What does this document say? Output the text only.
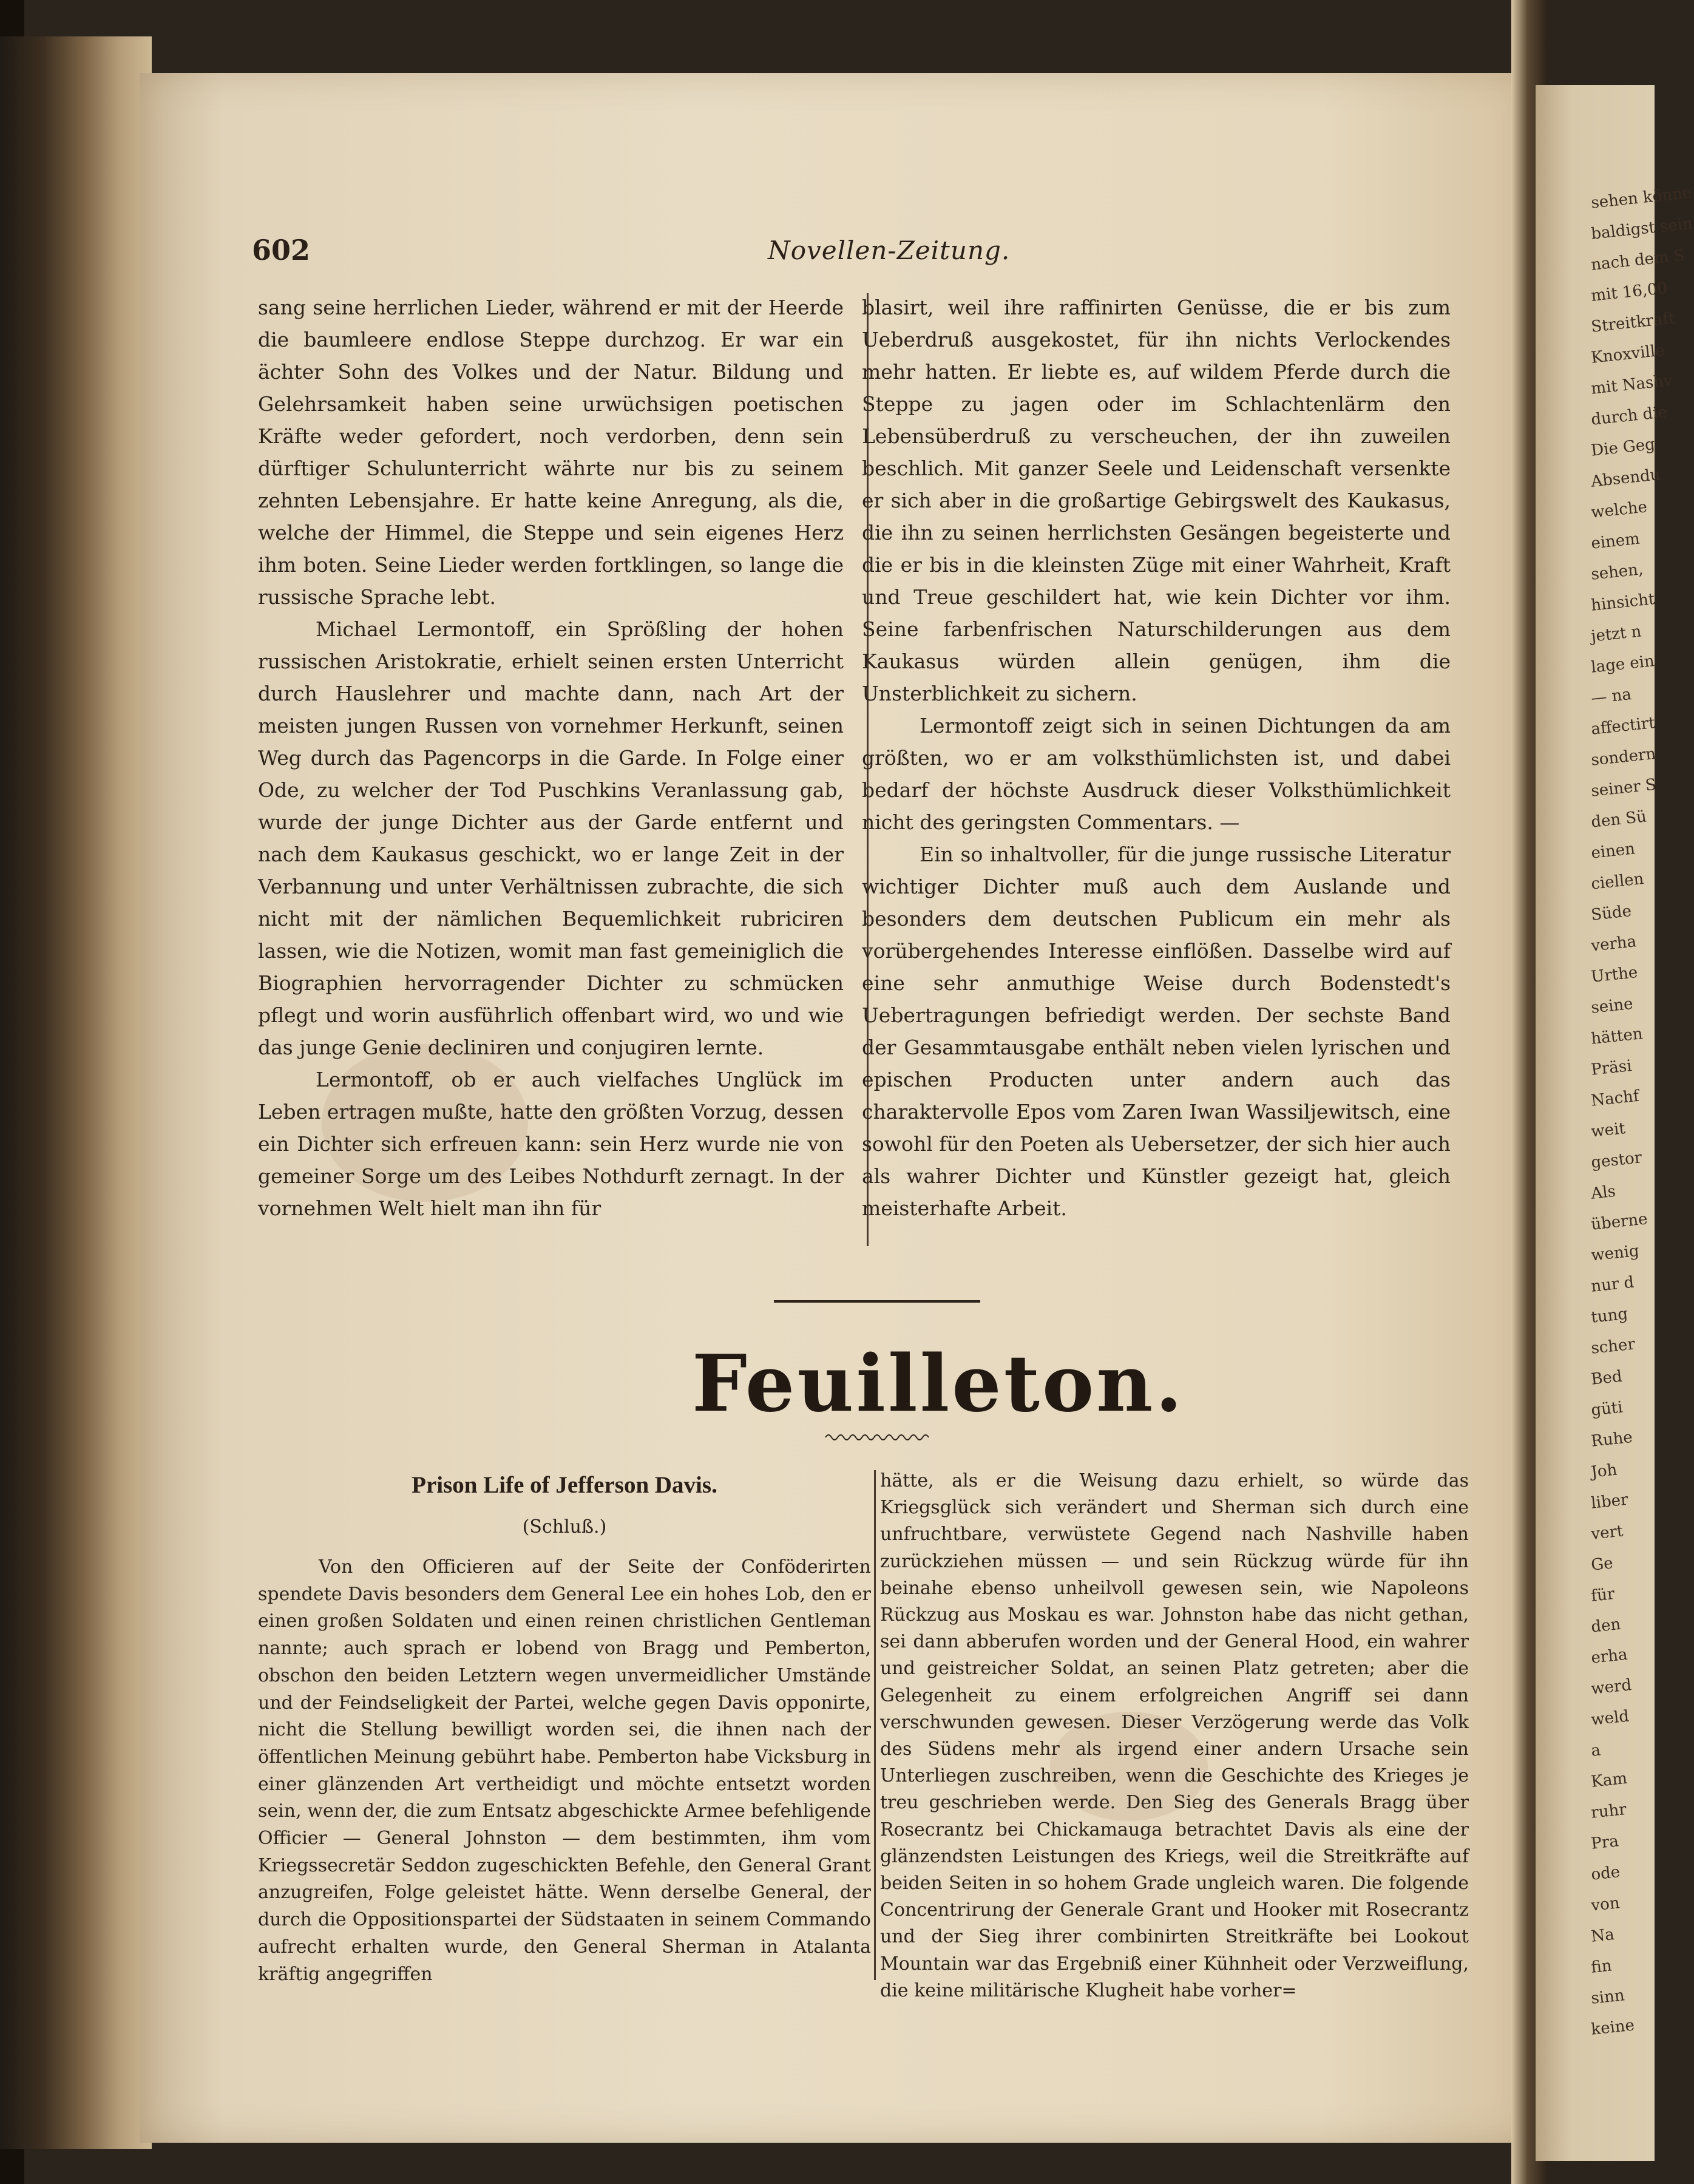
sehen könne
baldigst sein
nach dem S
mit 16,00
Streitkraft
Knoxville
mit Nashv
durch die
Die Geg
Absendu
welche
einem
sehen,
hinsicht
jetzt n
lage ein
— na
affectirt
sondern
seiner S
den Sü
einen
ciellen
Süde
verha
Urthe
seine
hätten
Präsi
Nachf
weit
gestor
Als
überne
wenig
nur d
tung
scher
Bed
güti
Ruhe
Joh
liber
vert
Ge
für
den
erha
werd
weld
a
Kam
ruhr
Pra
ode
von
Na
fin
sinn
keine
602	Novellen-Zeitung.

sang seine herrlichen Lieder, während er mit der Heerde die baumleere endlose Steppe durchzog. Er war ein ächter Sohn des Volkes und der Natur. Bildung und Gelehrsamkeit haben seine urwüchsigen poetischen Kräfte weder gefordert, noch verdorben, denn sein dürftiger Schulunterricht währte nur bis zu seinem zehnten Lebensjahre. Er hatte keine Anregung, als die, welche der Himmel, die Steppe und sein eigenes Herz ihm boten. Seine Lieder werden fortklingen, so lange die russische Sprache lebt.

Michael Lermontoff, ein Sprößling der hohen russischen Aristokratie, erhielt seinen ersten Unterricht durch Hauslehrer und machte dann, nach Art der meisten jungen Russen von vornehmer Herkunft, seinen Weg durch das Pagencorps in die Garde. In Folge einer Ode, zu welcher der Tod Puschkins Veranlassung gab, wurde der junge Dichter aus der Garde entfernt und nach dem Kaukasus geschickt, wo er lange Zeit in der Verbannung und unter Verhältnissen zubrachte, die sich nicht mit der nämlichen Bequemlichkeit rubriciren lassen, wie die Notizen, womit man fast gemeiniglich die Biographien hervorragender Dichter zu schmücken pflegt und worin ausführlich offenbart wird, wo und wie das junge Genie decliniren und conjugiren lernte.

Lermontoff, ob er auch vielfaches Unglück im Leben ertragen mußte, hatte den größten Vorzug, dessen ein Dichter sich erfreuen kann: sein Herz wurde nie von gemeiner Sorge um des Leibes Nothdurft zernagt. In der vornehmen Welt hielt man ihn für

blasirt, weil ihre raffinirten Genüsse, die er bis zum Ueberdruß ausgekostet, für ihn nichts Verlockendes mehr hatten. Er liebte es, auf wildem Pferde durch die Steppe zu jagen oder im Schlachtenlärm den Lebensüberdruß zu verscheuchen, der ihn zuweilen beschlich. Mit ganzer Seele und Leidenschaft versenkte er sich aber in die großartige Gebirgswelt des Kaukasus, die ihn zu seinen herrlichsten Gesängen begeisterte und die er bis in die kleinsten Züge mit einer Wahrheit, Kraft und Treue geschildert hat, wie kein Dichter vor ihm. Seine farbenfrischen Naturschilderungen aus dem Kaukasus würden allein genügen, ihm die Unsterblichkeit zu sichern.

Lermontoff zeigt sich in seinen Dichtungen da am größten, wo er am volksthümlichsten ist, und dabei bedarf der höchste Ausdruck dieser Volksthümlichkeit nicht des geringsten Commentars. —

Ein so inhaltvoller, für die junge russische Literatur wichtiger Dichter muß auch dem Auslande und besonders dem deutschen Publicum ein mehr als vorübergehendes Interesse einflößen. Dasselbe wird auf eine sehr anmuthige Weise durch Bodenstedt's Uebertragungen befriedigt werden. Der sechste Band der Gesammtausgabe enthält neben vielen lyrischen und epischen Producten unter andern auch das charaktervolle Epos vom Zaren Iwan Wassiljewitsch, eine sowohl für den Poeten als Uebersetzer, der sich hier auch als wahrer Dichter und Künstler gezeigt hat, gleich meisterhafte Arbeit.

Feuilleton.
Prison Life of Jefferson Davis.
(Schluß.)

Von den Officieren auf der Seite der Conföderirten spendete Davis besonders dem General Lee ein hohes Lob, den er einen großen Soldaten und einen reinen christlichen Gentleman nannte; auch sprach er lobend von Bragg und Pemberton, obschon den beiden Letztern wegen unvermeidlicher Umstände und der Feindseligkeit der Partei, welche gegen Davis opponirte, nicht die Stellung bewilligt worden sei, die ihnen nach der öffentlichen Meinung gebührt habe. Pemberton habe Vicksburg in einer glänzenden Art vertheidigt und möchte entsetzt worden sein, wenn der, die zum Entsatz abgeschickte Armee befehligende Officier — General Johnston — dem bestimmten, ihm vom Kriegssecretär Seddon zugeschickten Befehle, den General Grant anzugreifen, Folge geleistet hätte. Wenn derselbe General, der durch die Oppositionspartei der Südstaaten in seinem Commando aufrecht erhalten wurde, den General Sherman in Atalanta kräftig angegriffen

hätte, als er die Weisung dazu erhielt, so würde das Kriegsglück sich verändert und Sherman sich durch eine unfruchtbare, verwüstete Gegend nach Nashville haben zurückziehen müssen — und sein Rückzug würde für ihn beinahe ebenso unheilvoll gewesen sein, wie Napoleons Rückzug aus Moskau es war. Johnston habe das nicht gethan, sei dann abberufen worden und der General Hood, ein wahrer und geistreicher Soldat, an seinen Platz getreten; aber die Gelegenheit zu einem erfolgreichen Angriff sei dann verschwunden gewesen. Dieser Verzögerung werde das Volk des Südens mehr als irgend einer andern Ursache sein Unterliegen zuschreiben, wenn die Geschichte des Krieges je treu geschrieben werde. Den Sieg des Generals Bragg über Rosecrantz bei Chickamauga betrachtet Davis als eine der glänzendsten Leistungen des Kriegs, weil die Streitkräfte auf beiden Seiten in so hohem Grade ungleich waren. Die folgende Concentrirung der Generale Grant und Hooker mit Rosecrantz und der Sieg ihrer combinirten Streitkräfte bei Lookout Mountain war das Ergebniß einer Kühnheit oder Verzweiflung, die keine militärische Klugheit habe vorher=
